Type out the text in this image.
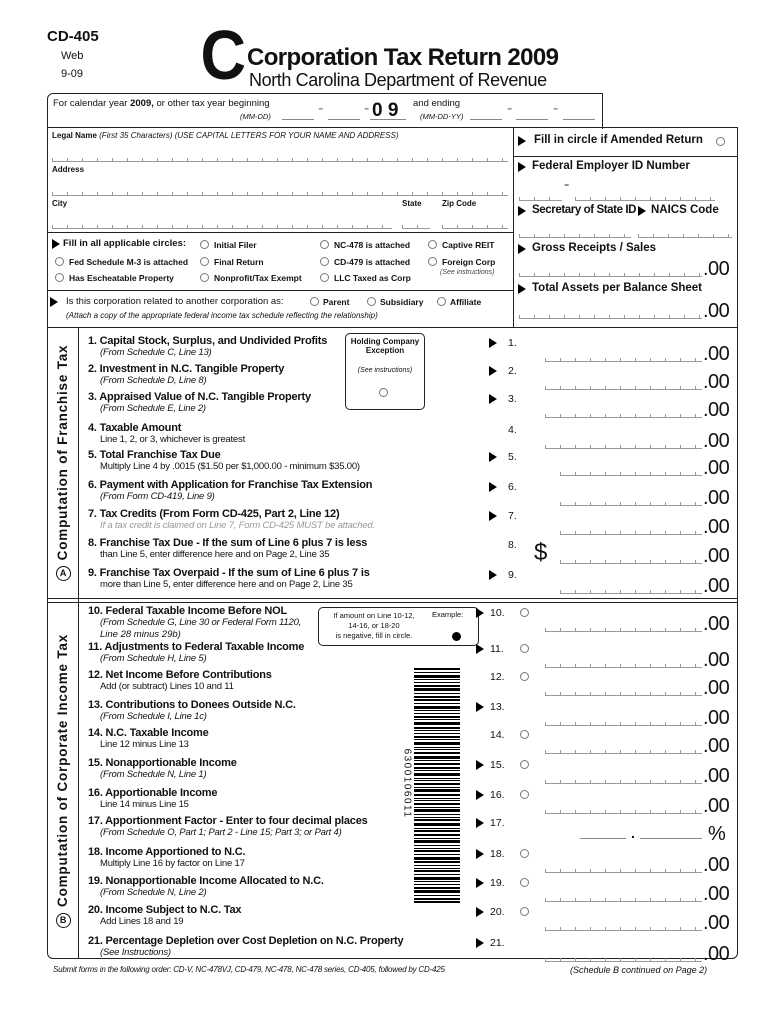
CD-405
Web
9-09 C Corporation Tax Return 2009
North Carolina Department of Revenue
For calendar year 2009, or other tax year beginning
(MM-DD)	-	- 0 9 and ending
(MM-DD-YY)	-	-
Legal Name (First 35 Characters) (USE CAPITAL LETTERS FOR YOUR NAME AND ADDRESS)
Address
City	State	Zip Code
Fill in circle if Amended Return
Federal Employer ID Number
-
Secretary of State ID NAICS Code
Gross Receipts / Sales
.00
Total Assets per Balance Sheet
.00
Fill in all applicable circles:
(See instructions)
Is this corporation related to another corporation as:
(Attach a copy of the appropriate federal income tax schedule reflecting the relationship)
AComputation of Franchise Tax
BComputation of Corporate Income Tax
Holding Company Exception
(See instructions)
If amount on Line 10-12,
14-16, or 18-20
is negative, fill in circle.
Example:
6300106011
Submit forms in the following order: CD-V, NC-478VJ, CD-479, NC-478, NC-478 series, CD-405, followed by CD-425	(Schedule B continued on Page 2)
Initial Filer	NC-478 is attached	Captive REIT
Fed Schedule M-3 is attached	Final Return	CD-479 is attached	Foreign Corp
Has Escheatable Property	Nonprofit/Tax Exempt	LLC Taxed as Corp
Parent	Subsidiary	Affiliate
1. Capital Stock, Surplus, and Undivided Profits
(From Schedule C, Line 13)
1.	.00
2. Investment in N.C. Tangible Property
(From Schedule D, Line 8)
2.	.00
3. Appraised Value of N.C. Tangible Property
(From Schedule E, Line 2)
3.	.00
4. Taxable Amount
Line 1, 2, or 3, whichever is greatest
4.	.00
5. Total Franchise Tax Due
Multiply Line 4 by .0015 ($1.50 per $1,000.00 - minimum $35.00)
5.	.00
6. Payment with Application for Franchise Tax Extension
(From Form CD-419, Line 9)
6.	.00
7. Tax Credits (From Form CD-425, Part 2, Line 12)
If a tax credit is claimed on Line 7, Form CD-425 MUST be attached.
7.	.00
8. Franchise Tax Due - If the sum of Line 6 plus 7 is less
than Line 5, enter difference here and on Page 2, Line 35
8. $	.00
9. Franchise Tax Overpaid - If the sum of Line 6 plus 7 is
more than Line 5, enter difference here and on Page 2, Line 35
9.	.00
10. Federal Taxable Income Before NOL
(From Schedule G, Line 30 or Federal Form 1120,
Line 28 minus 29b)
10.	.00
11. Adjustments to Federal Taxable Income
(From Schedule H, Line 5)
11.	.00
12. Net Income Before Contributions
Add (or subtract) Lines 10 and 11
12.	.00
13. Contributions to Donees Outside N.C.
(From Schedule I, Line 1c)
13.	.00
14. N.C. Taxable Income
Line 12 minus Line 13
14.	.00
15. Nonapportionable Income
(From Schedule N, Line 1)
15.	.00
16. Apportionable Income
Line 14 minus Line 15
16.	.00
17. Apportionment Factor - Enter to four decimal places
(From Schedule O, Part 1; Part 2 - Line 15; Part 3; or Part 4)
17.
.	%
18. Income Apportioned to N.C.
Multiply Line 16 by factor on Line 17
18.	.00
19. Nonapportionable Income Allocated to N.C.
(From Schedule N, Line 2)
19.	.00
20. Income Subject to N.C. Tax
Add Lines 18 and 19
20.	.00
21. Percentage Depletion over Cost Depletion on N.C. Property
(See Instructions)
21.	.00
